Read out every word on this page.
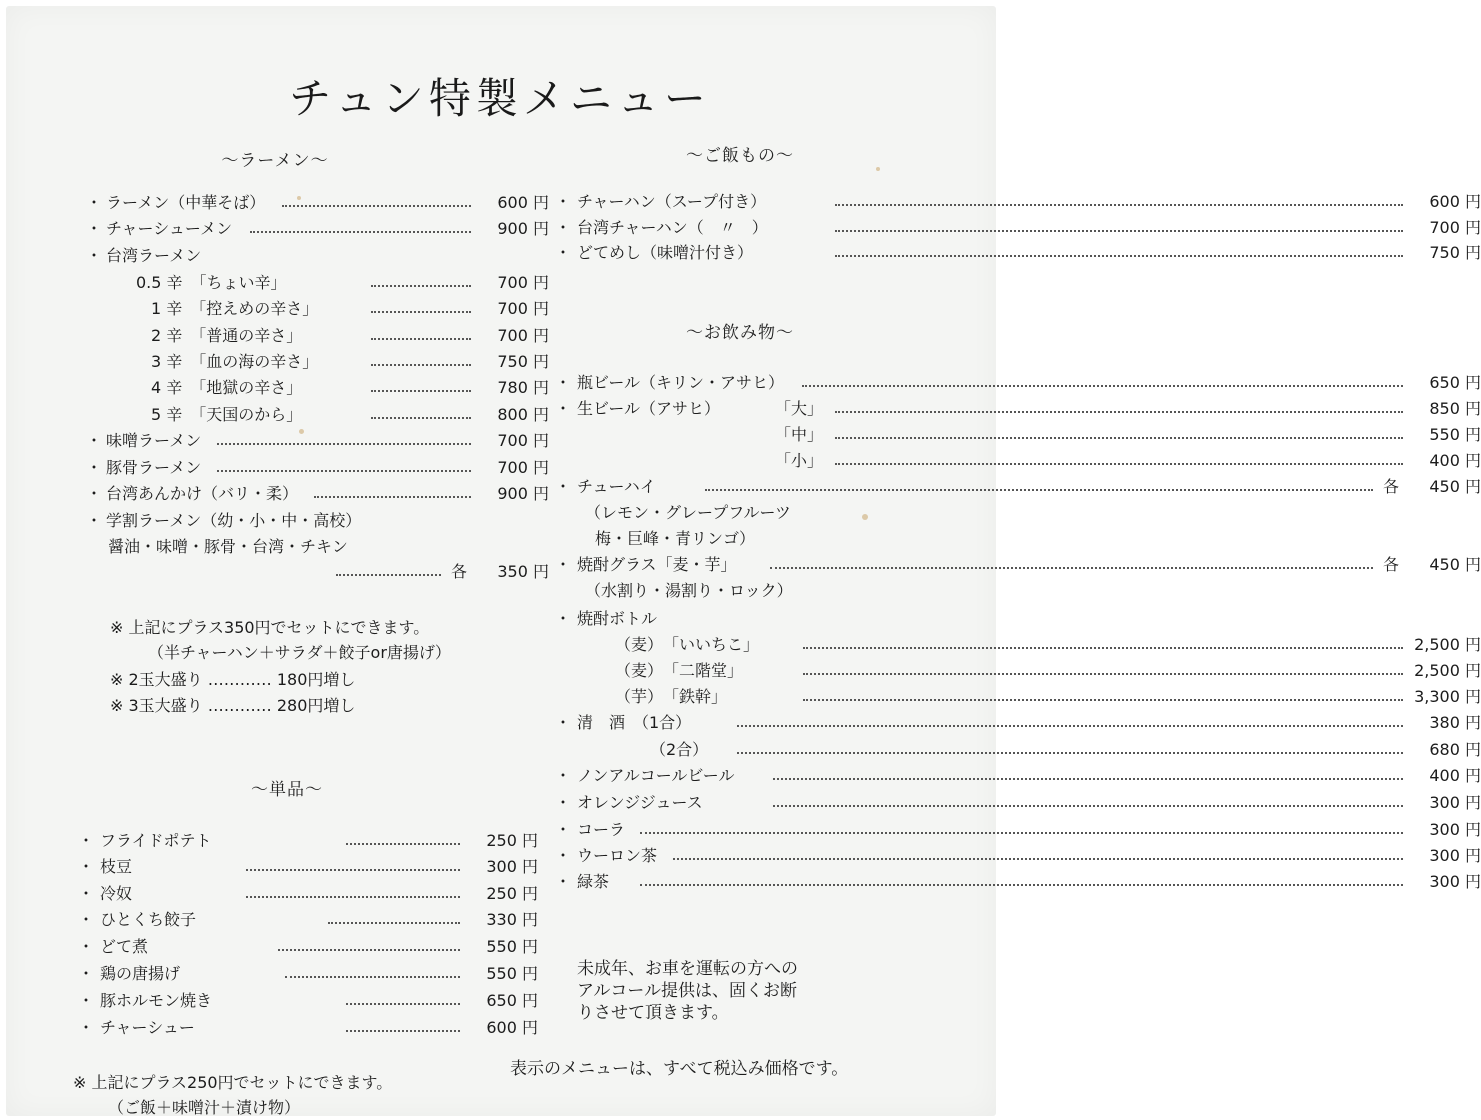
チュン特製メニュー
～ラーメン～	～ご飯もの～
～お飲み物～
～単品～
・ ラーメン（中華そば）	600 円
・ チャーシューメン	900 円
・ 台湾ラーメン
0.5 辛　「ちょい辛」	700 円
1 辛　「控えめの辛さ」	700 円
2 辛　「普通の辛さ」	700 円
3 辛　「血の海の辛さ」	750 円
4 辛　「地獄の辛さ」	780 円
5 辛　「天国のから」	800 円
・ 味噌ラーメン	700 円
・ 豚骨ラーメン	700 円
・ 台湾あんかけ（バリ・柔）	900 円
・ 学割ラーメン（幼・小・中・高校）
醤油・味噌・豚骨・台湾・チキン
各	350 円
※ 上記にプラス350円でセットにできます。
（半チャーハン＋サラダ＋餃子or唐揚げ）
※ 2玉大盛り ………… 180円増し
※ 3玉大盛り ………… 280円増し
・ フライドポテト	250 円
・ 枝豆	300 円
・ 冷奴	250 円
・ ひとくち餃子	330 円
・ どて煮	550 円
・ 鶏の唐揚げ	550 円
・ 豚ホルモン焼き	650 円
・ チャーシュー	600 円
※ 上記にプラス250円でセットにできます。
（ご飯＋味噌汁＋漬け物）
・ チャーハン（スープ付き）	600 円
・ 台湾チャーハン（　〃　）	700 円
・ どてめし（味噌汁付き）	750 円
・ 瓶ビール（キリン・アサヒ）	650 円
・ 生ビール（アサヒ）	「大」	850 円
「中」	550 円
「小」	400 円
・ チューハイ	各	450 円
（レモン・グレープフルーツ
梅・巨峰・青リンゴ）
・ 焼酎グラス「麦・芋」	各	450 円
（水割り・湯割り・ロック）
・ 焼酎ボトル
（麦）　「いいちこ」	2,500 円
（麦）　「二階堂」	2,500 円
（芋）　「鉄幹」	3,300 円
・ 清　酒　（1合）	380 円
（2合）	680 円
・ ノンアルコールビール	400 円
・ オレンジジュース	300 円
・ コーラ	300 円
・ ウーロン茶	300 円
・ 緑茶	300 円
未成年、お車を運転の方への
アルコール提供は、固くお断
りさせて頂きます。
表示のメニューは、すべて税込み価格です。
